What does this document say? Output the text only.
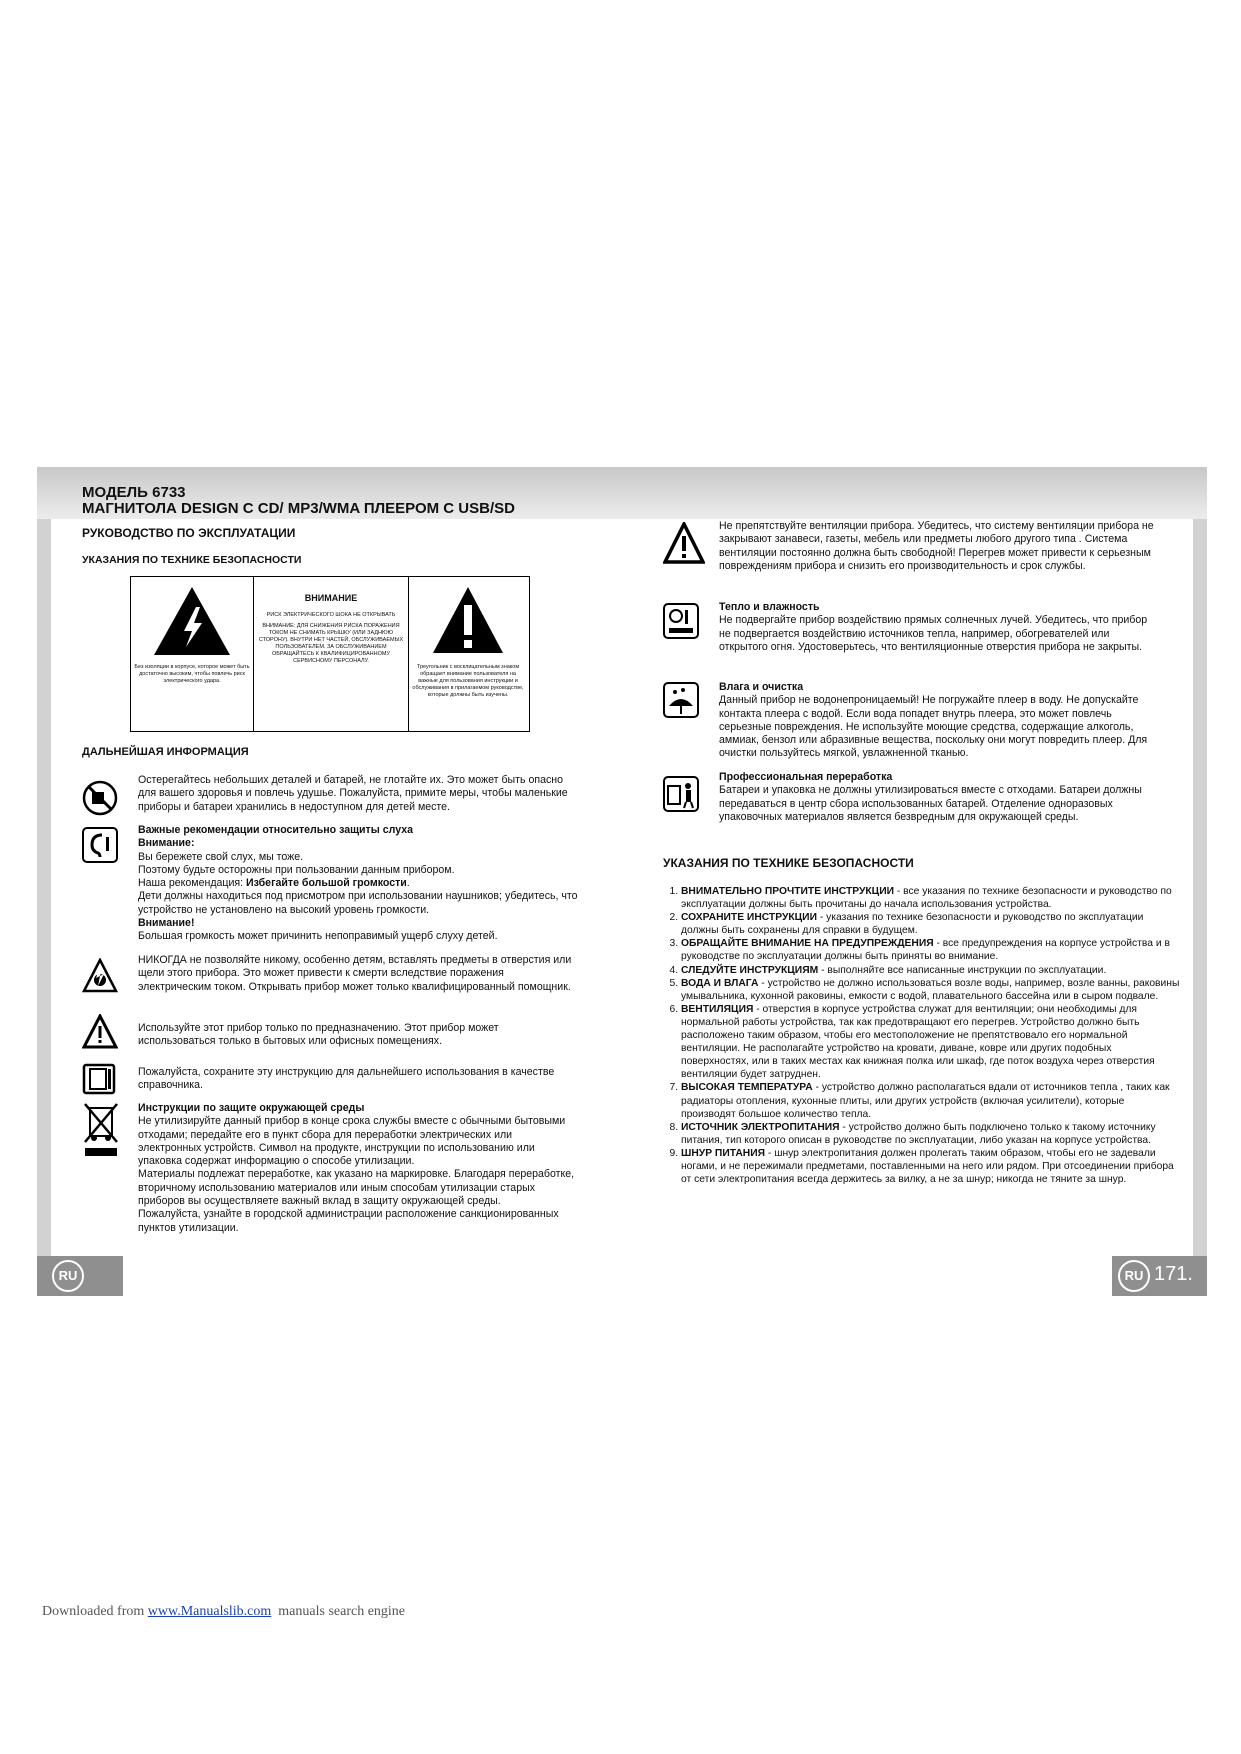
МОДЕЛЬ 6733
МАГНИТОЛА DESIGN С CD/ MP3/WMA ПЛЕЕРОМ С USB/SD
РУКОВОДСТВО ПО ЭКСПЛУАТАЦИИ
УКАЗАНИЯ ПО ТЕХНИКЕ БЕЗОПАСНОСТИ
Без изоляции в корпусе, которое может быть достаточно высоким, чтобы повлечь риск электрического удара.
ВНИМАНИЕ
РИСК ЭЛЕКТРИЧЕСКОГО ШОКА НЕ ОТКРЫВАТЬ
ВНИМАНИЕ: ДЛЯ СНИЖЕНИЯ РИСКА ПОРАЖЕНИЯ ТОКОМ НЕ СНИМАТЬ КРЫШКУ (ИЛИ ЗАДНЮЮ СТОРОНУ). ВНУТРИ НЕТ ЧАСТЕЙ, ОБСЛУЖИВАЕМЫХ ПОЛЬЗОВАТЕЛЕМ. ЗА ОБСЛУЖИВАНИЕМ ОБРАЩАЙТЕСЬ К КВАЛИФИЦИРОВАННОМУ СЕРВИСНОМУ ПЕРСОНАЛУ.
Треугольник с восклицательным знаком обращает внимание пользователя на важные для пользования инструкции и обслуживания в прилагаемом руководстве, которые должны быть изучены.
ДАЛЬНЕЙШАЯ ИНФОРМАЦИЯ
Остерегайтесь небольших деталей и батарей, не глотайте их. Это может быть опасно для вашего здоровья и повлечь удушье. Пожалуйста, примите меры, чтобы маленькие приборы и батареи хранились в недоступном для детей месте.
Важные рекомендации относительно защиты слуха
Внимание:
Вы бережете свой слух, мы тоже.
Поэтому будьте осторожны при пользовании данным прибором.
Наша рекомендация: Избегайте большой громкости.
Дети должны находиться под присмотром при использовании наушников; убедитесь, что устройство не установлено на высокий уровень громкости.
Внимание!
Большая громкость может причинить непоправимый ущерб слуху детей.
НИКОГДА не позволяйте никому, особенно детям, вставлять предметы в отверстия или щели этого прибора. Это может привести к смерти вследствие поражения электрическим током. Открывать прибор может только квалифицированный помощник.
Используйте этот прибор только по предназначению. Этот прибор может использоваться только в бытовых или офисных помещениях.
Пожалуйста, сохраните эту инструкцию для дальнейшего использования в качестве справочника.
Инструкции по защите окружающей среды
Не утилизируйте данный прибор в конце срока службы вместе с обычными бытовыми отходами; передайте его в пункт сбора для переработки электрических или электронных устройств. Символ на продукте, инструкции по использованию или упаковка содержат информацию о способе утилизации.
Материалы подлежат переработке, как указано на маркировке. Благодаря переработке, вторичному использованию материалов или иным способам утилизации старых приборов вы осуществляете важный вклад в защиту окружающей среды.
Пожалуйста, узнайте в городской администрации расположение санкционированных пунктов утилизации.
Не препятствуйте вентиляции прибора. Убедитесь, что систему вентиляции прибора не закрывают занавеси, газеты, мебель или предметы любого другого типа . Система вентиляции постоянно должна быть свободной! Перегрев может привести к серьезным повреждениям прибора и снизить его производительность и срок службы.
Тепло и влажность
Не подвергайте прибор воздействию прямых солнечных лучей. Убедитесь, что прибор не подвергается воздействию источников тепла, например, обогревателей или открытого огня. Удостоверьтесь, что вентиляционные отверстия прибора не закрыты.
Влага и очистка
Данный прибор не водонепроницаемый! Не погружайте плеер в воду. Не допускайте контакта плеера с водой. Если вода попадет внутрь плеера, это может повлечь серьезные повреждения. Не используйте моющие средства, содержащие алкоголь, аммиак, бензол или абразивные вещества, поскольку они могут повредить плеер. Для очистки пользуйтесь мягкой, увлажненной тканью.
Профессиональная переработка
Батареи и упаковка не должны утилизироваться вместе с отходами. Батареи должны передаваться в центр сбора использованных батарей. Отделение одноразовых упаковочных материалов является безвредным для окружающей среды.
УКАЗАНИЯ ПО ТЕХНИКЕ БЕЗОПАСНОСТИ
1. ВНИМАТЕЛЬНО ПРОЧТИТЕ ИНСТРУКЦИИ - все указания по технике безопасности и руководство по эксплуатации должны быть прочитаны до начала использования устройства.
2. СОХРАНИТЕ ИНСТРУКЦИИ - указания по технике безопасности и руководство по эксплуатации должны быть сохранены для справки в будущем.
3. ОБРАЩАЙТЕ ВНИМАНИЕ НА ПРЕДУПРЕЖДЕНИЯ - все предупреждения на корпусе устройства и в руководстве по эксплуатации должны быть приняты во внимание.
4. СЛЕДУЙТЕ ИНСТРУКЦИЯМ - выполняйте все написанные инструкции по эксплуатации.
5. ВОДА И ВЛАГА - устройство не должно использоваться возле воды, например, возле ванны, раковины умывальника, кухонной раковины, емкости с водой, плавательного бассейна или в сыром подвале.
6. ВЕНТИЛЯЦИЯ - отверстия в корпусе устройства служат для вентиляции; они необходимы для нормальной работы устройства, так как предотвращают его перегрев. Устройство должно быть расположено таким образом, чтобы его местоположение не препятствовало его нормальной вентиляции. Не располагайте устройство на кровати, диване, ковре или других подобных поверхностях, или в таких местах как книжная полка или шкаф, где поток воздуха через отверстия вентиляции будет затруднен.
7. ВЫСОКАЯ ТЕМПЕРАТУРА - устройство должно располагаться вдали от источников тепла , таких как радиаторы отопления, кухонные плиты, или других устройств (включая усилители), которые производят большое количество тепла.
8. ИСТОЧНИК ЭЛЕКТРОПИТАНИЯ - устройство должно быть подключено только к такому источнику питания, тип которого описан в руководстве по эксплуатации, либо указан на корпусе устройства.
9. ШНУР ПИТАНИЯ - шнур электропитания должен пролегать таким образом, чтобы его не задевали ногами, и не пережимали предметами, поставленными на него или рядом. При отсоединении прибора от сети электропитания всегда держитесь за вилку, а не за шнур; никогда не тяните за шнур.
RU	RU 171.
Downloaded from www.Manualslib.com  manuals search engine
